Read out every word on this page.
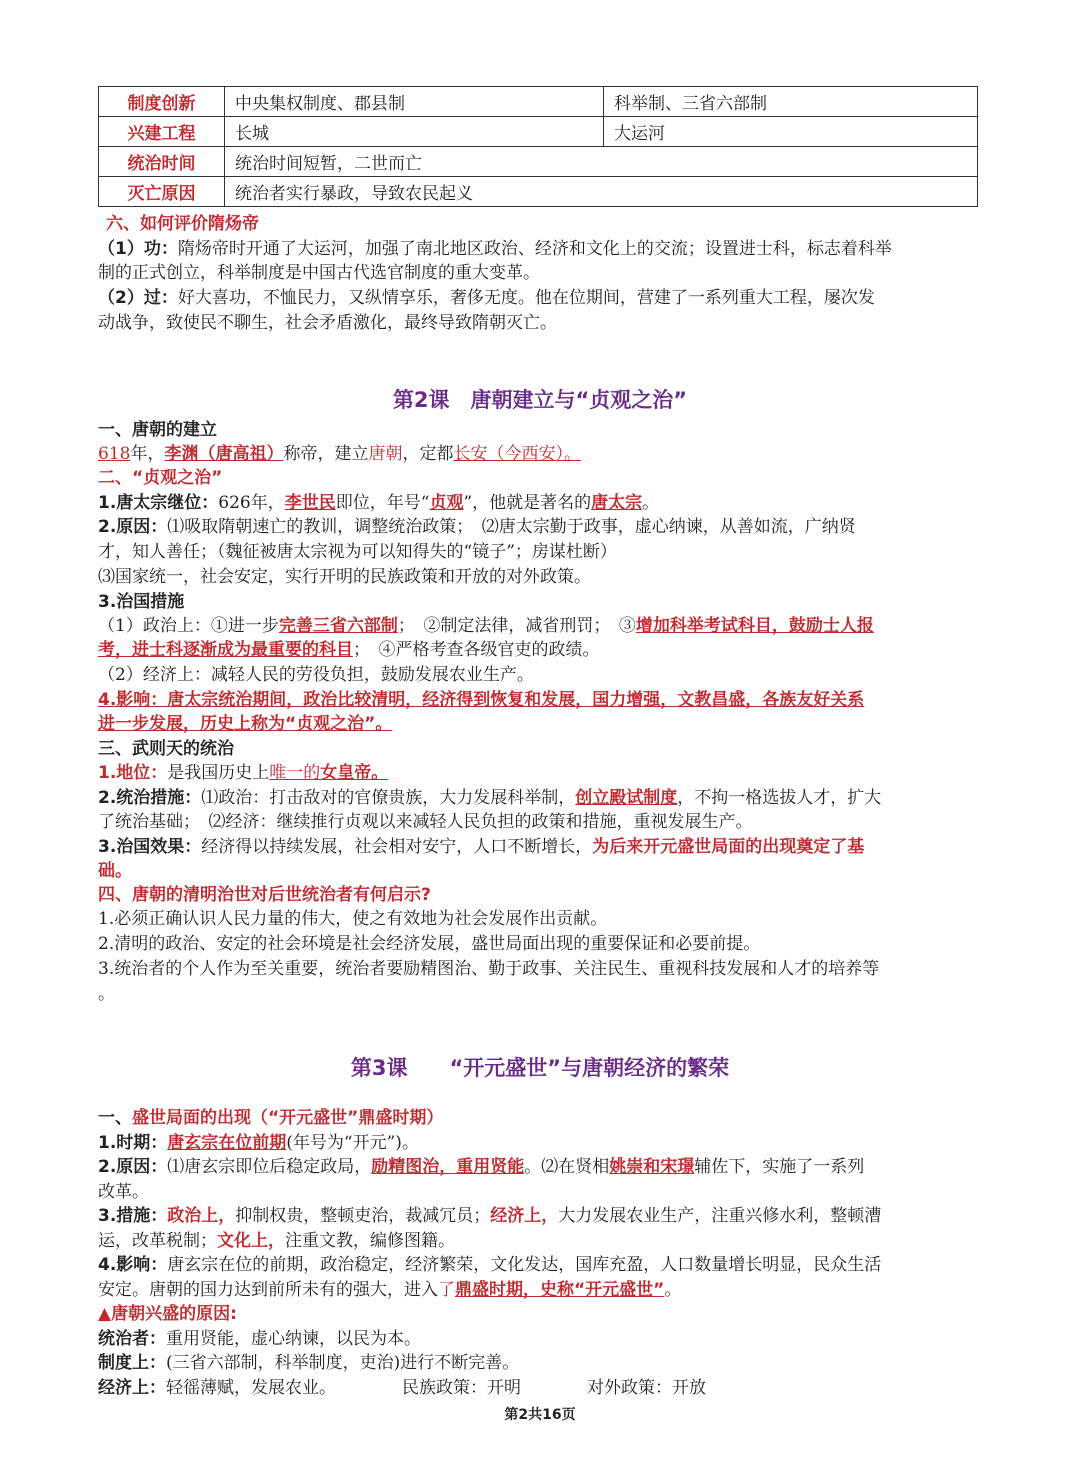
制度创新	中央集权制度、郡县制	科举制、三省六部制
兴建工程	长城	大运河
统治时间	统治时间短暂，二世而亡	
灭亡原因	统治者实行暴政，导致农民起义	
六、如何评价隋炀帝
（1）功：隋炀帝时开通了大运河，加强了南北地区政治、经济和文化上的交流；设置进士科，标志着科举
制的正式创立，科举制度是中国古代选官制度的重大变革。
（2）过：好大喜功，不恤民力，又纵情享乐，奢侈无度。他在位期间，营建了一系列重大工程，屡次发
动战争，致使民不聊生，社会矛盾激化，最终导致隋朝灭亡。
第2课　唐朝建立与“贞观之治”
一、唐朝的建立
618年，李渊（唐高祖）称帝，建立唐朝，定都长安（今西安）。
二、“贞观之治”
1.唐太宗继位：626年，李世民即位，年号“贞观”，他就是著名的唐太宗。
2.原因：⑴吸取隋朝速亡的教训，调整统治政策；　⑵唐太宗勤于政事，虚心纳谏，从善如流，广纳贤
才，知人善任；（魏征被唐太宗视为可以知得失的“镜子”；房谋杜断）
⑶国家统一，社会安定，实行开明的民族政策和开放的对外政策。
3.治国措施
（1）政治上：①进一步完善三省六部制；　②制定法律，减省刑罚；　③增加科举考试科目，鼓励士人报
考，进士科逐渐成为最重要的科目；　④严格考查各级官吏的政绩。
（2）经济上：减轻人民的劳役负担，鼓励发展农业生产。
4.影响：唐太宗统治期间，政治比较清明，经济得到恢复和发展，国力增强，文教昌盛，各族友好关系
进一步发展，历史上称为“贞观之治”。
三、武则天的统治
1.地位：是我国历史上唯一的女皇帝。
2.统治措施：⑴政治：打击敌对的官僚贵族，大力发展科举制，创立殿试制度，不拘一格选拔人才，扩大
了统治基础；　⑵经济：继续推行贞观以来减轻人民负担的政策和措施，重视发展生产。
3.治国效果：经济得以持续发展，社会相对安宁，人口不断增长，为后来开元盛世局面的出现奠定了基
础。
四、唐朝的清明治世对后世统治者有何启示?
1.必须正确认识人民力量的伟大，使之有效地为社会发展作出贡献。
2.清明的政治、安定的社会环境是社会经济发展，盛世局面出现的重要保证和必要前提。
3.统治者的个人作为至关重要，统治者要励精图治、勤于政事、关注民生、重视科技发展和人才的培养等
。
第3课　　“开元盛世”与唐朝经济的繁荣
一、盛世局面的出现（“开元盛世”鼎盛时期）
1.时期：唐玄宗在位前期(年号为“开元”)。
2.原因：⑴唐玄宗即位后稳定政局，励精图治，重用贤能。⑵在贤相姚崇和宋璟辅佐下，实施了一系列
改革。
3.措施：政治上，抑制权贵，整顿吏治，裁减冗员；经济上，大力发展农业生产，注重兴修水利，整顿漕
运，改革税制；文化上，注重文教，编修图籍。
4.影响：唐玄宗在位的前期，政治稳定，经济繁荣，文化发达，国库充盈，人口数量增长明显，民众生活
安定。唐朝的国力达到前所未有的强大，进入了鼎盛时期，史称“开元盛世”。
▲唐朝兴盛的原因:
统治者：重用贤能，虚心纳谏，以民为本。
制度上：(三省六部制，科举制度，吏治)进行不断完善。
经济上：轻徭薄赋，发展农业。	民族政策：开明	对外政策：开放
第2共16页
